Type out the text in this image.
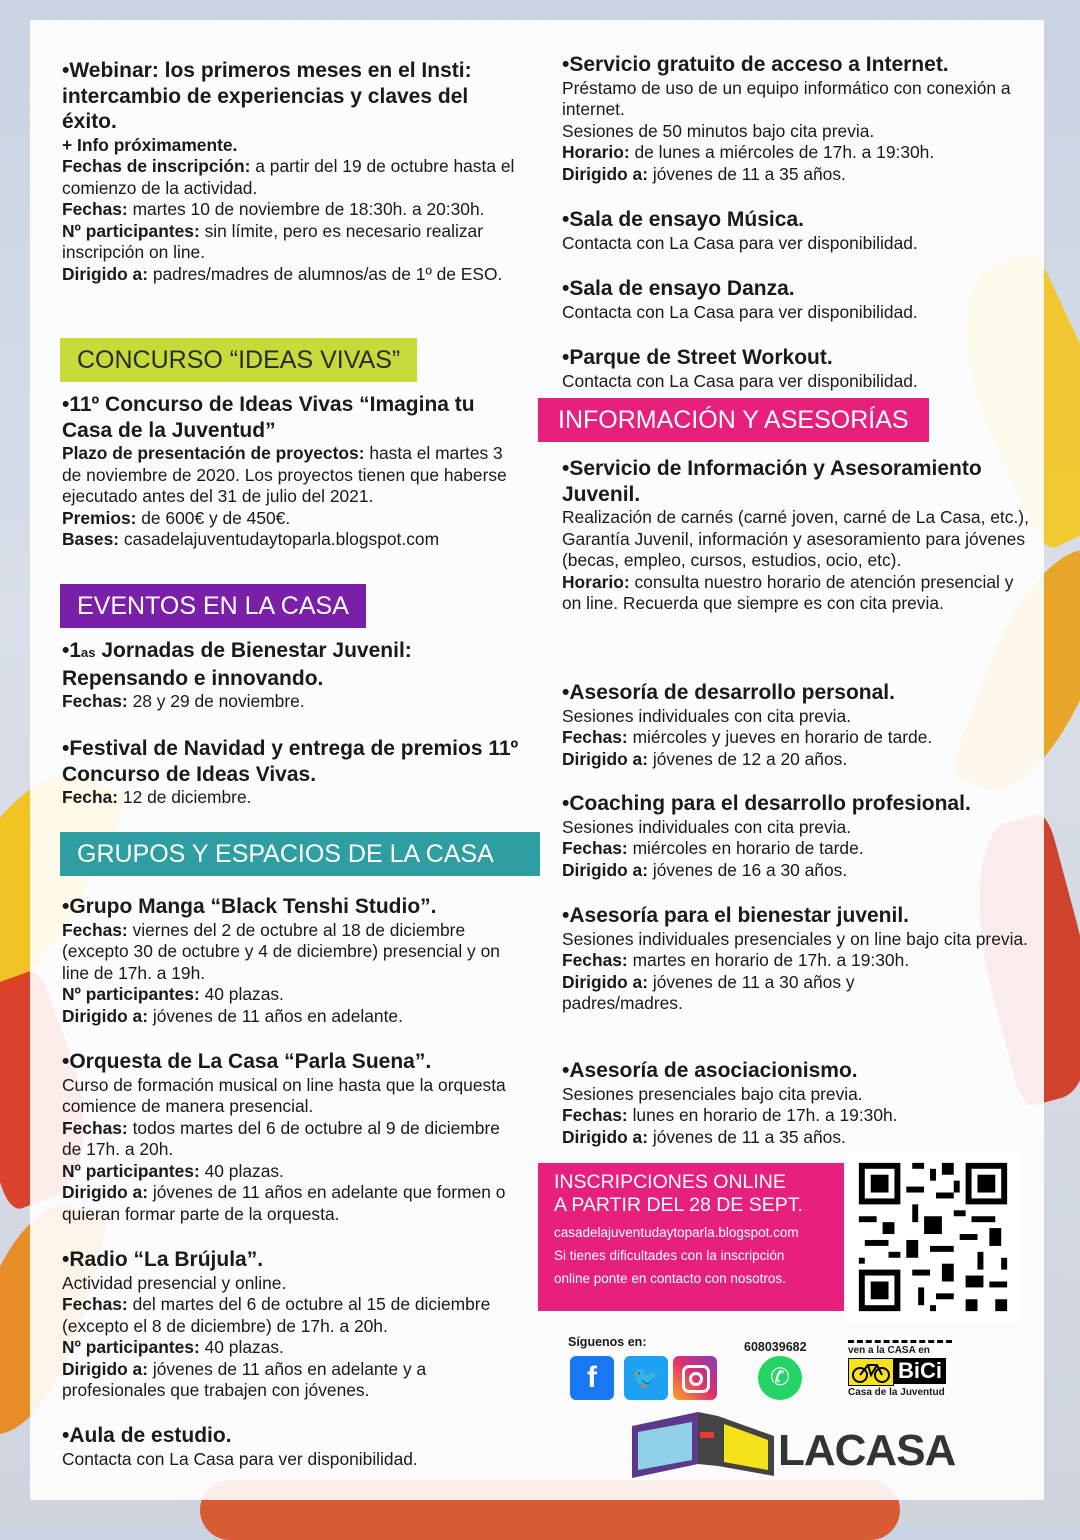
•Webinar: los primeros meses en el Insti: intercambio de experiencias y claves del éxito.

+ Info próximamente.

Fechas de inscripción: a partir del 19 de octubre hasta el comienzo de la actividad.

Fechas: martes 10 de noviembre de 18:30h. a 20:30h.

Nº participantes: sin límite, pero es necesario realizar inscripción on line.

Dirigido a: padres/madres de alumnos/as de 1º de ESO.

CONCURSO “IDEAS VIVAS”

•11º Concurso de Ideas Vivas “Imagina tu Casa de la Juventud”

Plazo de presentación de proyectos: hasta el martes 3 de noviembre de 2020. Los proyectos tienen que haberse ejecutado antes del 31 de julio del 2021.

Premios: de 600€ y de 450€.

Bases: casadelajuventudaytoparla.blogspot.com

EVENTOS EN LA CASA

•1as Jornadas de Bienestar Juvenil: Repensando e innovando.

Fechas: 28 y 29 de noviembre.

•Festival de Navidad y entrega de premios 11º Concurso de Ideas Vivas.

Fecha: 12 de diciembre.

GRUPOS Y ESPACIOS DE LA CASA

•Grupo Manga “Black Tenshi Studio”.

Fechas: viernes del 2 de octubre al 18 de diciembre (excepto 30 de octubre y 4 de diciembre) presencial y on line de 17h. a 19h.

Nº participantes: 40 plazas.

Dirigido a: jóvenes de 11 años en adelante.

•Orquesta de La Casa “Parla Suena”.

Curso de formación musical on line hasta que la orquesta comience de manera presencial.

Fechas: todos martes del 6 de octubre al 9 de diciembre de 17h. a 20h.

Nº participantes: 40 plazas.

Dirigido a: jóvenes de 11 años en adelante que formen o quieran formar parte de la orquesta.

•Radio “La Brújula”.

Actividad presencial y online.

Fechas: del martes del 6 de octubre al 15 de diciembre (excepto el 8 de diciembre) de 17h. a 20h.

Nº participantes: 40 plazas.

Dirigido a: jóvenes de 11 años en adelante y a profesionales que trabajen con jóvenes.

•Aula de estudio.

Contacta con La Casa para ver disponibilidad.

•Servicio gratuito de acceso a Internet.

Préstamo de uso de un equipo informático con conexión a internet.

Sesiones de 50 minutos bajo cita previa.

Horario: de lunes a miércoles de 17h. a 19:30h.

Dirigido a: jóvenes de 11 a 35 años.

•Sala de ensayo Música.

Contacta con La Casa para ver disponibilidad.

•Sala de ensayo Danza.

Contacta con La Casa para ver disponibilidad.

•Parque de Street Workout.

Contacta con La Casa para ver disponibilidad.

INFORMACIÓN Y ASESORÍAS

•Servicio de Información y Asesoramiento Juvenil.

Realización de carnés (carné joven, carné de La Casa, etc.), Garantía Juvenil, información y asesoramiento para jóvenes (becas, empleo, cursos, estudios, ocio, etc).

Horario: consulta nuestro horario de atención presencial y on line. Recuerda que siempre es con cita previa.

•Asesoría de desarrollo personal.

Sesiones individuales con cita previa.

Fechas: miércoles y jueves en horario de tarde.

Dirigido a: jóvenes de 12 a 20 años.

•Coaching para el desarrollo profesional.

Sesiones individuales con cita previa.

Fechas: miércoles en horario de tarde.

Dirigido a: jóvenes de 16 a 30 años.

•Asesoría para el bienestar juvenil.

Sesiones individuales presenciales y on line bajo cita previa.

Fechas: martes en horario de 17h. a 19:30h.

Dirigido a: jóvenes de 11 a 30 años y padres/madres.

•Asesoría de asociacionismo.

Sesiones presenciales bajo cita previa.

Fechas: lunes en horario de 17h. a 19:30h.

Dirigido a: jóvenes de 11 a 35 años.

INSCRIPCIONES ONLINE

A PARTIR DEL 28 DE SEPT.

casadelajuventudaytoparla.blogspot.com

Si tienes dificultades con la inscripción

online ponte en contacto con nosotros.

Síguenos en:
f	🐦
608039682
✆
ven a la CASA en
BiCi
Casa de la Juventud
LACASA
